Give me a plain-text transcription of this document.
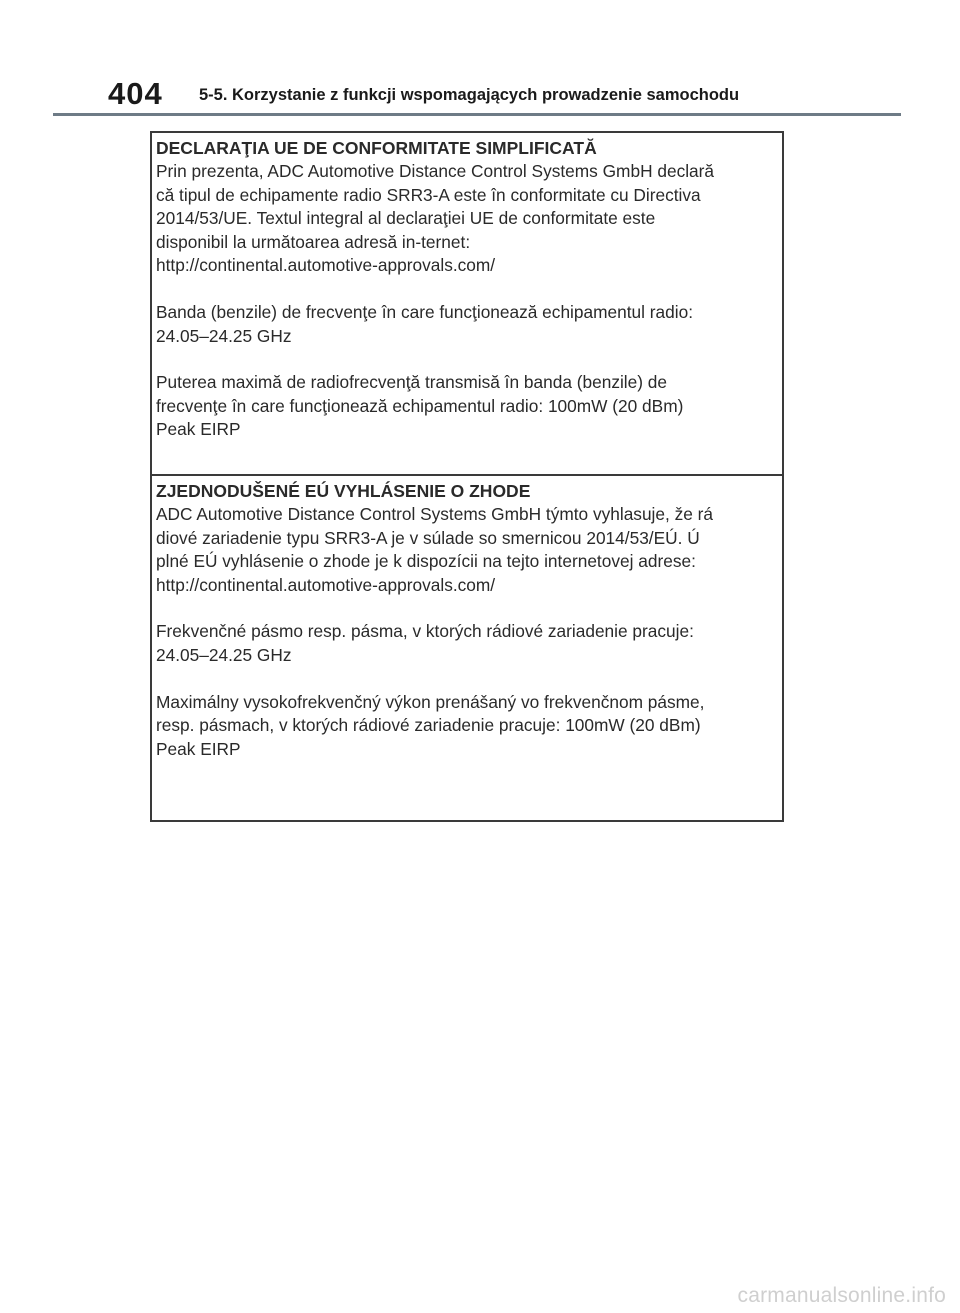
404 5-5. Korzystanie z funkcji wspomagających prowadzenie samochodu
DECLARAŢIA UE DE CONFORMITATE SIMPLIFICATĂ
Prin prezenta, ADC Automotive Distance Control Systems GmbH declară
că tipul de echipamente radio SRR3-A este în conformitate cu Directiva
2014/53/UE. Textul integral al declaraţiei UE de conformitate este
disponibil la următoarea adresă in-ternet:
http://continental.automotive-approvals.com/
Banda (benzile) de frecvenţe în care funcţionează echipamentul radio:
24.05–24.25 GHz
Puterea maximă de radiofrecvenţă transmisă în banda (benzile) de
frecvenţe în care funcţionează echipamentul radio: 100mW (20 dBm)
Peak EIRP
ZJEDNODUŠENÉ EÚ VYHLÁSENIE O ZHODE
ADC Automotive Distance Control Systems GmbH týmto vyhlasuje, že rá
diové zariadenie typu SRR3-A je v súlade so smernicou 2014/53/EÚ. Ú
plné EÚ vyhlásenie o zhode je k dispozícii na tejto internetovej adrese:
http://continental.automotive-approvals.com/
Frekvenčné pásmo resp. pásma, v ktorých rádiové zariadenie pracuje:
24.05–24.25 GHz
Maximálny vysokofrekvenčný výkon prenášaný vo frekvenčnom pásme,
resp. pásmach, v ktorých rádiové zariadenie pracuje: 100mW (20 dBm)
Peak EIRP
carmanualsonline.info
